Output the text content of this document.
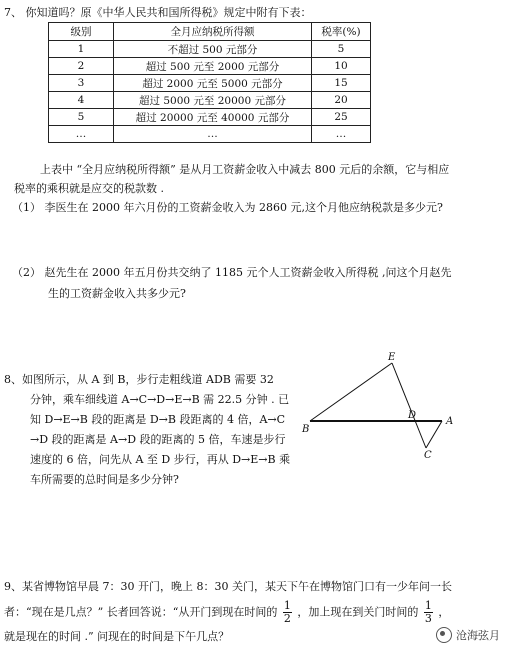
7、 你知道吗？原《中华人民共和国所得税》规定中附有下表：
级别	全月应纳税所得额	税率(%)
1	不超过 500 元部分	5
2	超过 500 元至 2000 元部分	10
3	超过 2000 元至 5000 元部分	15
4	超过 5000 元至 20000 元部分	20
5	超过 20000 元至 40000 元部分	25
…	…	…
上表中 “全月应纳税所得额” 是从月工资薪金收入中减去 800 元后的余额，它与相应
税率的乘积就是应交的税款数 .
（1） 李医生在 2000 年六月份的工资薪金收入为 2860 元,这个月他应纳税款是多少元?
（2） 赵先生在 2000 年五月份共交纳了 1185 元个人工资薪金收入所得税 ,问这个月赵先
生的工资薪金收入共多少元?
8、如图所示，从 A 到 B，步行走粗线道 ADB 需要 32
分钟，乘车细线道 A→C→D→E→B 需 22.5 分钟 . 已
知 D→E→B 段的距离是 D→B 段距离的 4 倍，A→C
→D 段的距离是 A→D 段的距离的 5 倍，车速是步行
速度的 6 倍，问先从 A 至 D 步行，再从 D→E→B 乘
车所需要的总时间是多少分钟?
E
B
D
A
C
9、某省博物馆早晨 7：30 开门，晚上 8：30 关门，某天下午在博物馆门口有一少年问一长
者：“现在是几点？” 长者回答说：“从开门到现在时间的 $\frac{1}{2}$ ，加上现在到关门时间的 $\frac{1}{3}$ ，
就是现在的时间 .” 问现在的时间是下午几点？	沧海弦月
